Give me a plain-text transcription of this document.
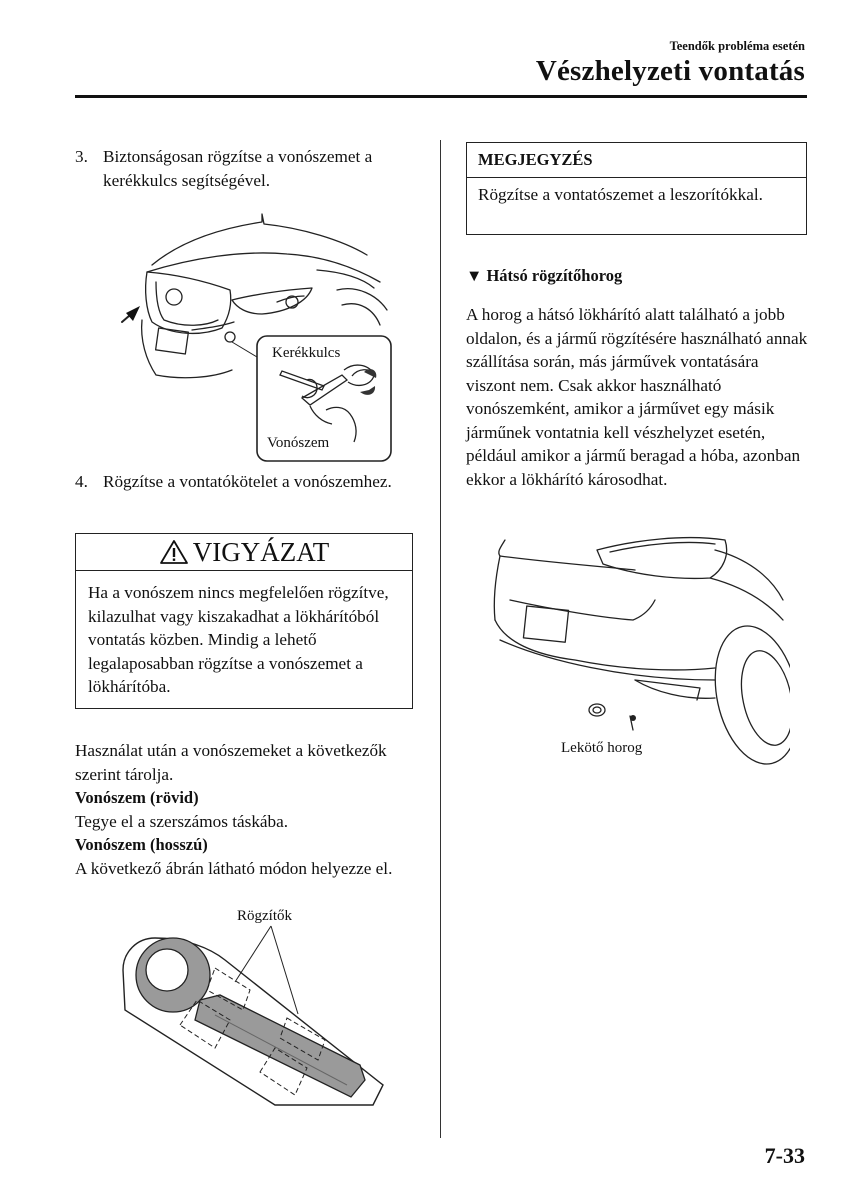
Teendők probléma esetén
Vészhelyzeti vontatás
3. Biztonságosan rögzítse a vonószemet a kerékkulcs segítségével.
Kerékkulcs
Vonószem
4. Rögzítse a vontatókötelet a vonószemhez.
VIGYÁZAT
Ha a vonószem nincs megfelelően rögzítve, kilazulhat vagy kiszakadhat a lökhárítóból vontatás közben. Mindig a lehető legalaposabban rögzítse a vonószemet a lökhárítóba.
Használat után a vonószemeket a következők szerint tárolja.
Vonószem (rövid)
Tegye el a szerszámos táskába.
Vonószem (hosszú)
A következő ábrán látható módon helyezze el.
Rögzítők
MEGJEGYZÉS
Rögzítse a vontatószemet a leszorítókkal.
▼ Hátsó rögzítőhorog
A horog a hátsó lökhárító alatt található a jobb oldalon, és a jármű rögzítésére használható annak szállítása során, más járművek vontatására viszont nem. Csak akkor használható vonószemként, amikor a járművet egy másik járműnek vontatnia kell vészhelyzet esetén, például amikor a jármű beragad a hóba, azonban ekkor a lökhárító károsodhat.
Lekötő horog
7-33
